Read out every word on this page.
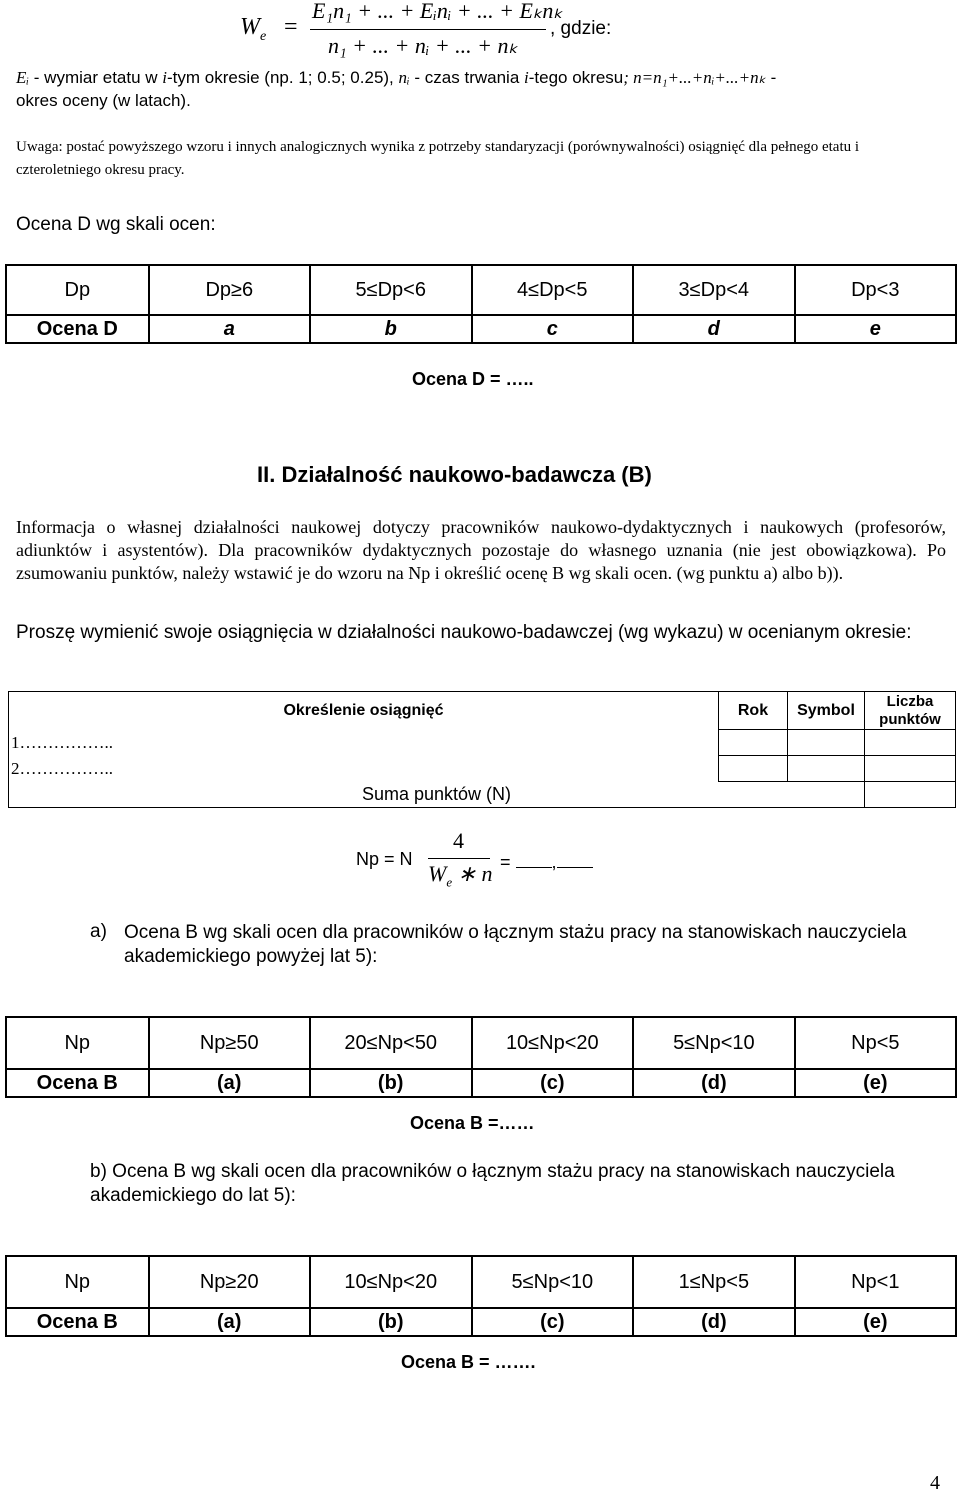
$W_e$ =
E₁n₁ + ... + Eᵢnᵢ + ... + Eₖnₖ
n₁ + ... + nᵢ + ... + nₖ
, gdzie:
Eᵢ - wymiar etatu w i-tym okresie (np. 1; 0.5; 0.25), nᵢ - czas trwania i-tego okresu; n=n₁+...+nᵢ+...+nₖ -
okres oceny (w latach).
Uwaga: postać powyższego wzoru i innych analogicznych wynika z potrzeby standaryzacji (porównywalności) osiągnięć dla pełnego etatu i czteroletniego okresu pracy.
Ocena D wg skali ocen:
Dp	Dp≥6	5≤Dp<6	4≤Dp<5	3≤Dp<4	Dp<3
Ocena D	a	b	c	d	e
Ocena D = …..
II. Działalność naukowo-badawcza (B)
Informacja o własnej działalności naukowej dotyczy pracowników naukowo-dydaktycznych i naukowych (profesorów, adiunktów i asystentów). Dla pracowników dydaktycznych pozostaje do własnego uznania (nie jest obowiązkowa). Po zsumowaniu punktów, należy wstawić je do wzoru na Np i określić ocenę B wg skali ocen. (wg punktu a) albo b)).
Proszę wymienić swoje osiągnięcia w działalności naukowo-badawczej (wg wykazu) w ocenianym okresie:
Określenie osiągnięć	Rok	Symbol	Liczba punktów
1……………..			
2……………..			
Suma punktów (N)			
Np = N
4
$W_e$ ∗ n = ,
a) Ocena B wg skali ocen dla pracowników o łącznym stażu pracy na stanowiskach nauczyciela akademickiego powyżej lat 5):
Np	Np≥50	20≤Np<50	10≤Np<20	5≤Np<10	Np<5
Ocena B	(a)	(b)	(c)	(d)	(e)
Ocena B =……
b) Ocena B wg skali ocen dla pracowników o łącznym stażu pracy na stanowiskach nauczyciela akademickiego do lat 5):
Np	Np≥20	10≤Np<20	5≤Np<10	1≤Np<5	Np<1
Ocena B	(a)	(b)	(c)	(d)	(e)
Ocena B = …….
4
